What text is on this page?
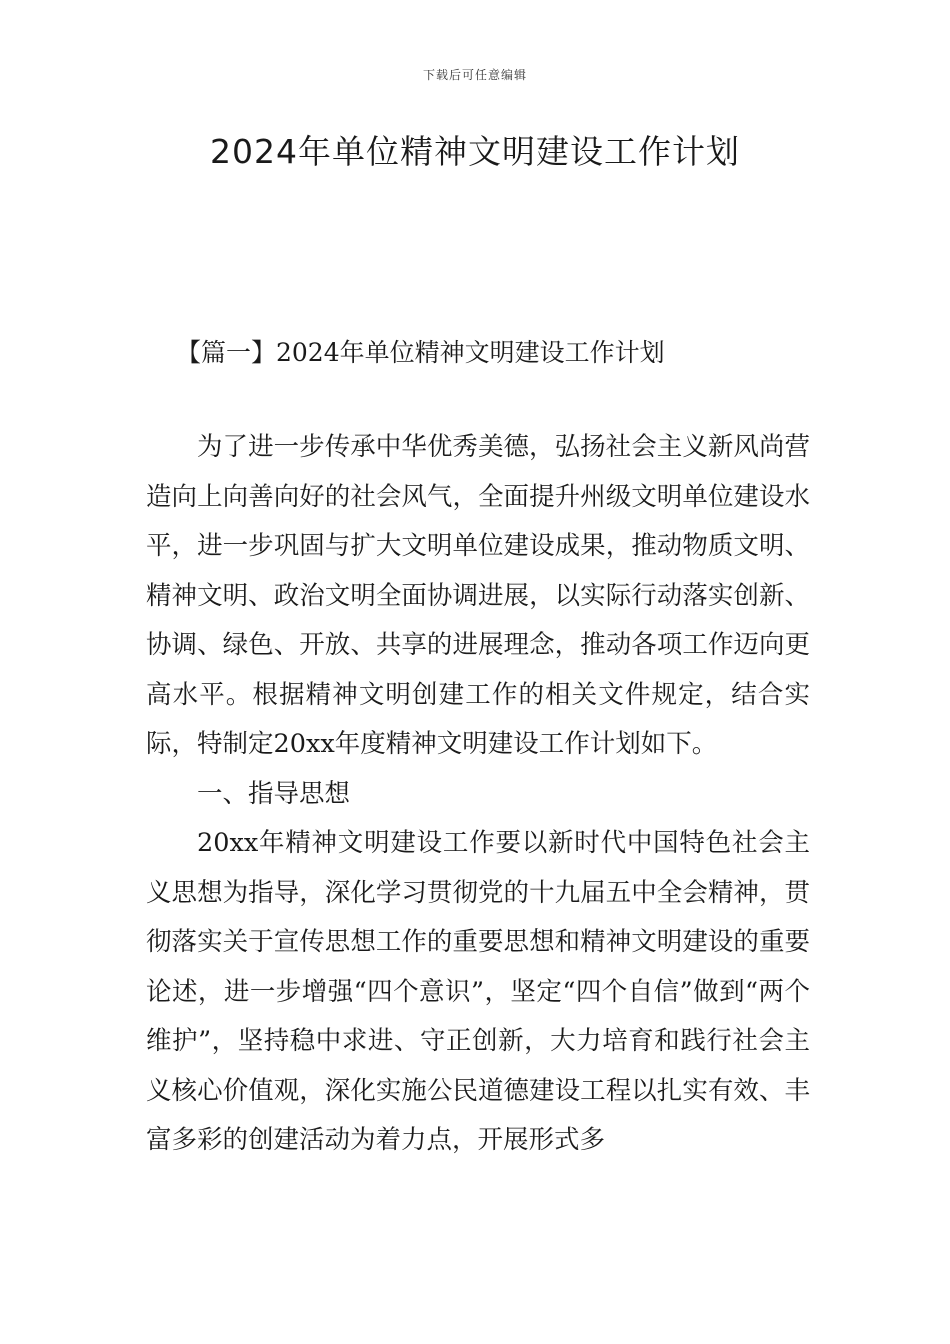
下载后可任意编辑
2024年单位精神文明建设工作计划
【篇一】2024年单位精神文明建设工作计划

为了进一步传承中华优秀美德，弘扬社会主义新风尚营造向上向善向好的社会风气，全面提升州级文明单位建设水平，进一步巩固与扩大文明单位建设成果，推动物质文明、精神文明、政治文明全面协调进展，以实际行动落实创新、协调、绿色、开放、共享的进展理念，推动各项工作迈向更高水平。根据精神文明创建工作的相关文件规定，结合实际，特制定20xx年度精神文明建设工作计划如下。

一、指导思想

20xx年精神文明建设工作要以新时代中国特色社会主义思想为指导，深化学习贯彻党的十九届五中全会精神，贯彻落实关于宣传思想工作的重要思想和精神文明建设的重要论述，进一步增强“四个意识”，坚定“四个自信”做到“两个维护”，坚持稳中求进、守正创新，大力培育和践行社会主义核心价值观，深化实施公民道德建设工程以扎实有效、丰富多彩的创建活动为着力点，开展形式多
